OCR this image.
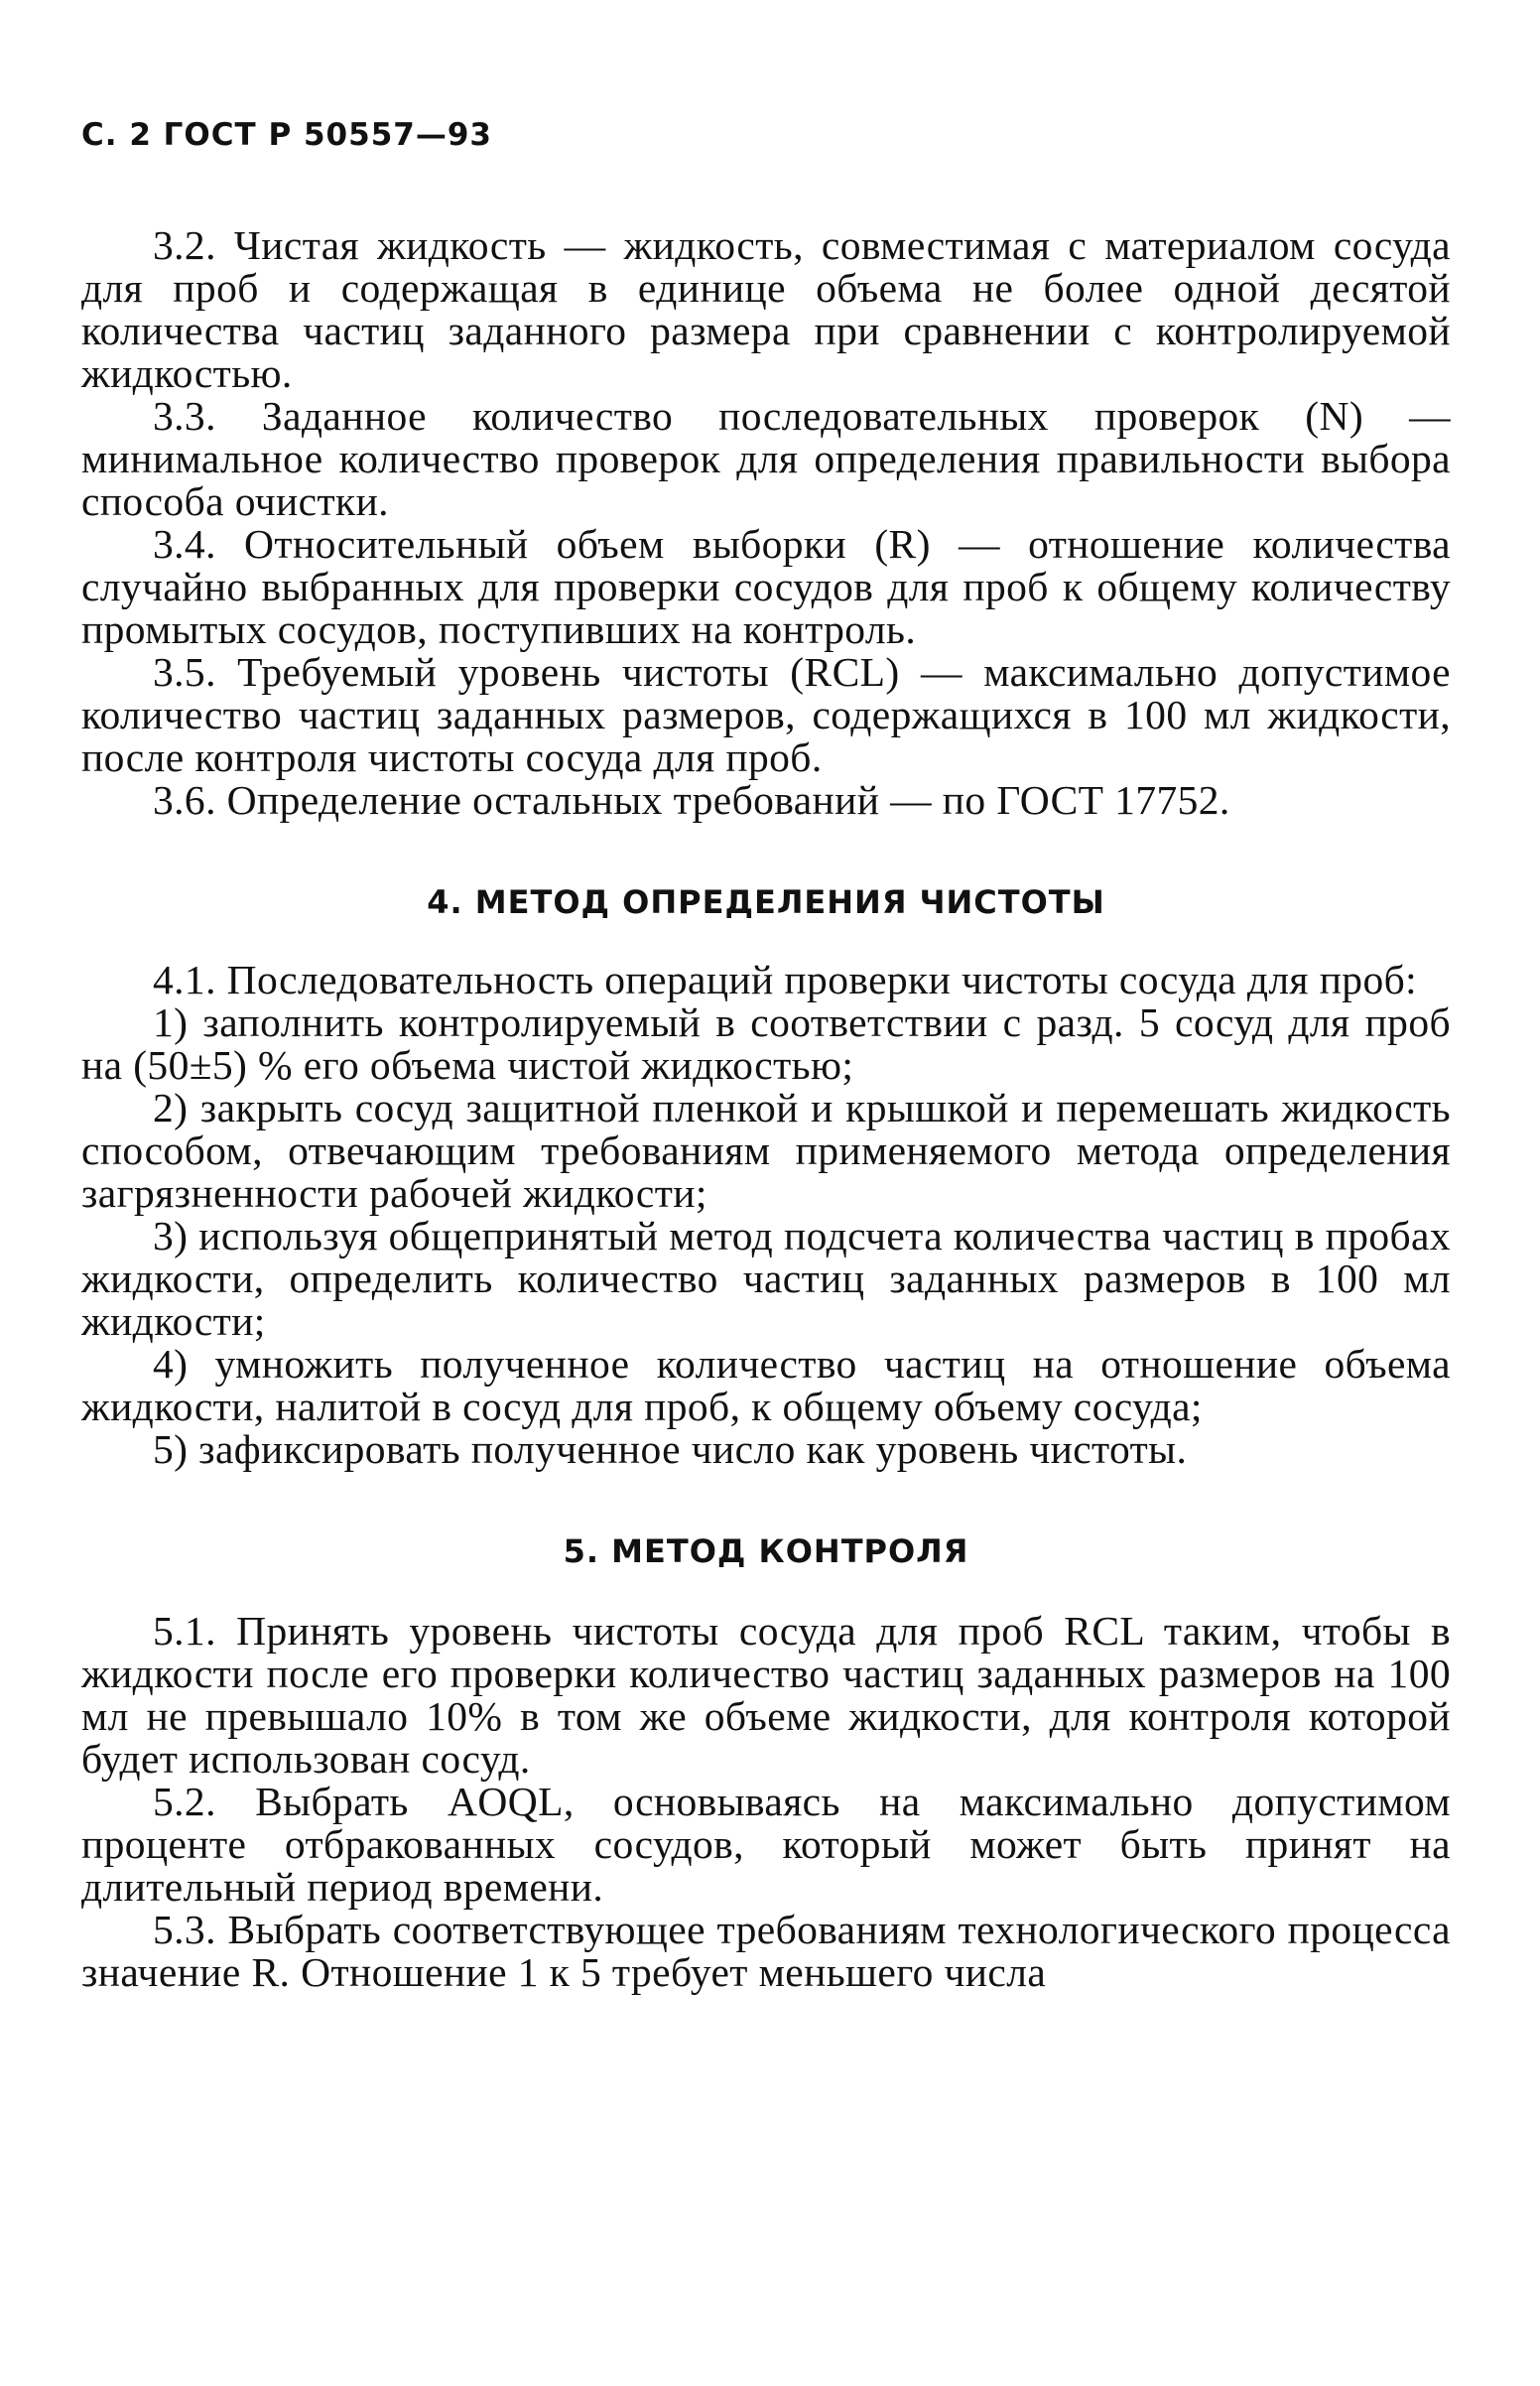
С. 2 ГОСТ Р 50557—93

3.2. Чистая жидкость — жидкость, совместимая с материалом сосуда для проб и содержащая в единице объема не более одной десятой количества частиц заданного размера при сравнении с контролируемой жидкостью.

3.3. Заданное количество последовательных проверок (N) — минимальное количество проверок для определения правильности выбора способа очистки.

3.4. Относительный объем выборки (R) — отношение количества случайно выбранных для проверки сосудов для проб к общему количеству промытых сосудов, поступивших на контроль.

3.5. Требуемый уровень чистоты (RCL) — максимально допустимое количество частиц заданных размеров, содержащихся в 100 мл жидкости, после контроля чистоты сосуда для проб.

3.6. Определение остальных требований — по ГОСТ 17752.

4. МЕТОД ОПРЕДЕЛЕНИЯ ЧИСТОТЫ

4.1. Последовательность операций проверки чистоты сосуда для проб:

1) заполнить контролируемый в соответствии с разд. 5 сосуд для проб на (50±5) % его объема чистой жидкостью;

2) закрыть сосуд защитной пленкой и крышкой и перемешать жидкость способом, отвечающим требованиям применяемого метода определения загрязненности рабочей жидкости;

3) используя общепринятый метод подсчета количества частиц в пробах жидкости, определить количество частиц заданных размеров в 100 мл жидкости;

4) умножить полученное количество частиц на отношение объема жидкости, налитой в сосуд для проб, к общему объему сосуда;

5) зафиксировать полученное число как уровень чистоты.

5. МЕТОД КОНТРОЛЯ

5.1. Принять уровень чистоты сосуда для проб RCL таким, чтобы в жидкости после его проверки количество частиц заданных размеров на 100 мл не превышало 10% в том же объеме жидкости, для контроля которой будет использован сосуд.

5.2. Выбрать AOQL, основываясь на максимально допустимом проценте отбракованных сосудов, который может быть принят на длительный период времени.

5.3. Выбрать соответствующее требованиям технологического процесса значение R. Отношение 1 к 5 требует меньшего числа
